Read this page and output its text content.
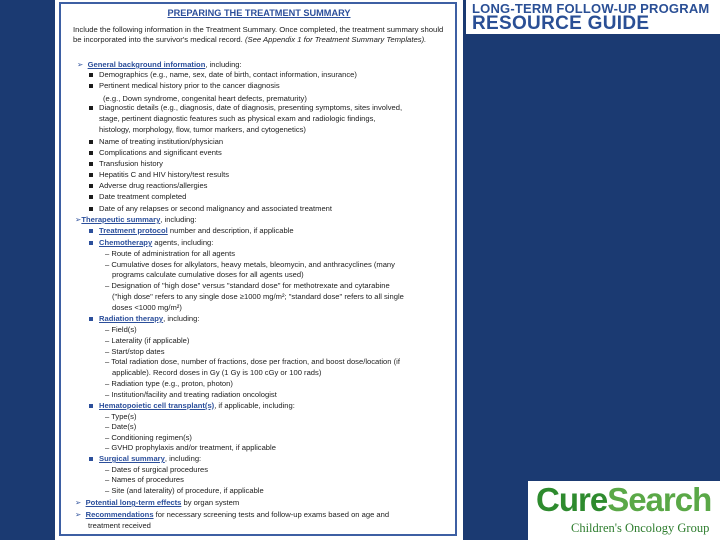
LONG-TERM FOLLOW-UP PROGRAM
RESOURCE GUIDE
PREPARING THE TREATMENT SUMMARY
Include the following information in the Treatment Summary. Once completed, the treatment summary should be incorporated into the survivor's medical record. (See Appendix 1 for Treatment Summary Templates).
➢ General background information, including:
Demographics (e.g., name, sex, date of birth, contact information, insurance)
Pertinent medical history prior to the cancer diagnosis
(e.g., Down syndrome, congenital heart defects, prematurity)
Diagnostic details (e.g., diagnosis, date of diagnosis, presenting symptoms, sites involved,
stage, pertinent diagnostic features such as physical exam and radiologic findings,
histology, morphology, flow, tumor markers, and cytogenetics)
Name of treating institution/physician
Complications and significant events
Transfusion history
Hepatitis C and HIV history/test results
Adverse drug reactions/allergies
Date treatment completed
Date of any relapses or second malignancy and associated treatment
➢Therapeutic summary, including:
Treatment protocol number and description, if applicable
Chemotherapy agents, including:
– Route of administration for all agents
– Cumulative doses for alkylators, heavy metals, bleomycin, and anthracyclines (many
programs calculate cumulative doses for all agents used)
– Designation of "high dose" versus "standard dose" for methotrexate and cytarabine
("high dose" refers to any single dose ≥1000 mg/m²; "standard dose" refers to all single
doses <1000 mg/m²)
Radiation therapy, including:
– Field(s)
– Laterality (if applicable)
– Start/stop dates
– Total radiation dose, number of fractions, dose per fraction, and boost dose/location (if
applicable). Record doses in Gy (1 Gy is 100 cGy or 100 rads)
– Radiation type (e.g., proton, photon)
– Institution/facility and treating radiation oncologist
Hematopoietic cell transplant(s), if applicable, including:
– Type(s)
– Date(s)
– Conditioning regimen(s)
– GVHD prophylaxis and/or treatment, if applicable
Surgical summary, including:
– Dates of surgical procedures
– Names of procedures
– Site (and laterality) of procedure, if applicable
➢ Potential long-term effects by organ system
➢ Recommendations for necessary screening tests and follow-up exams based on age and
treatment received
CureSearch
Children's Oncology Group
